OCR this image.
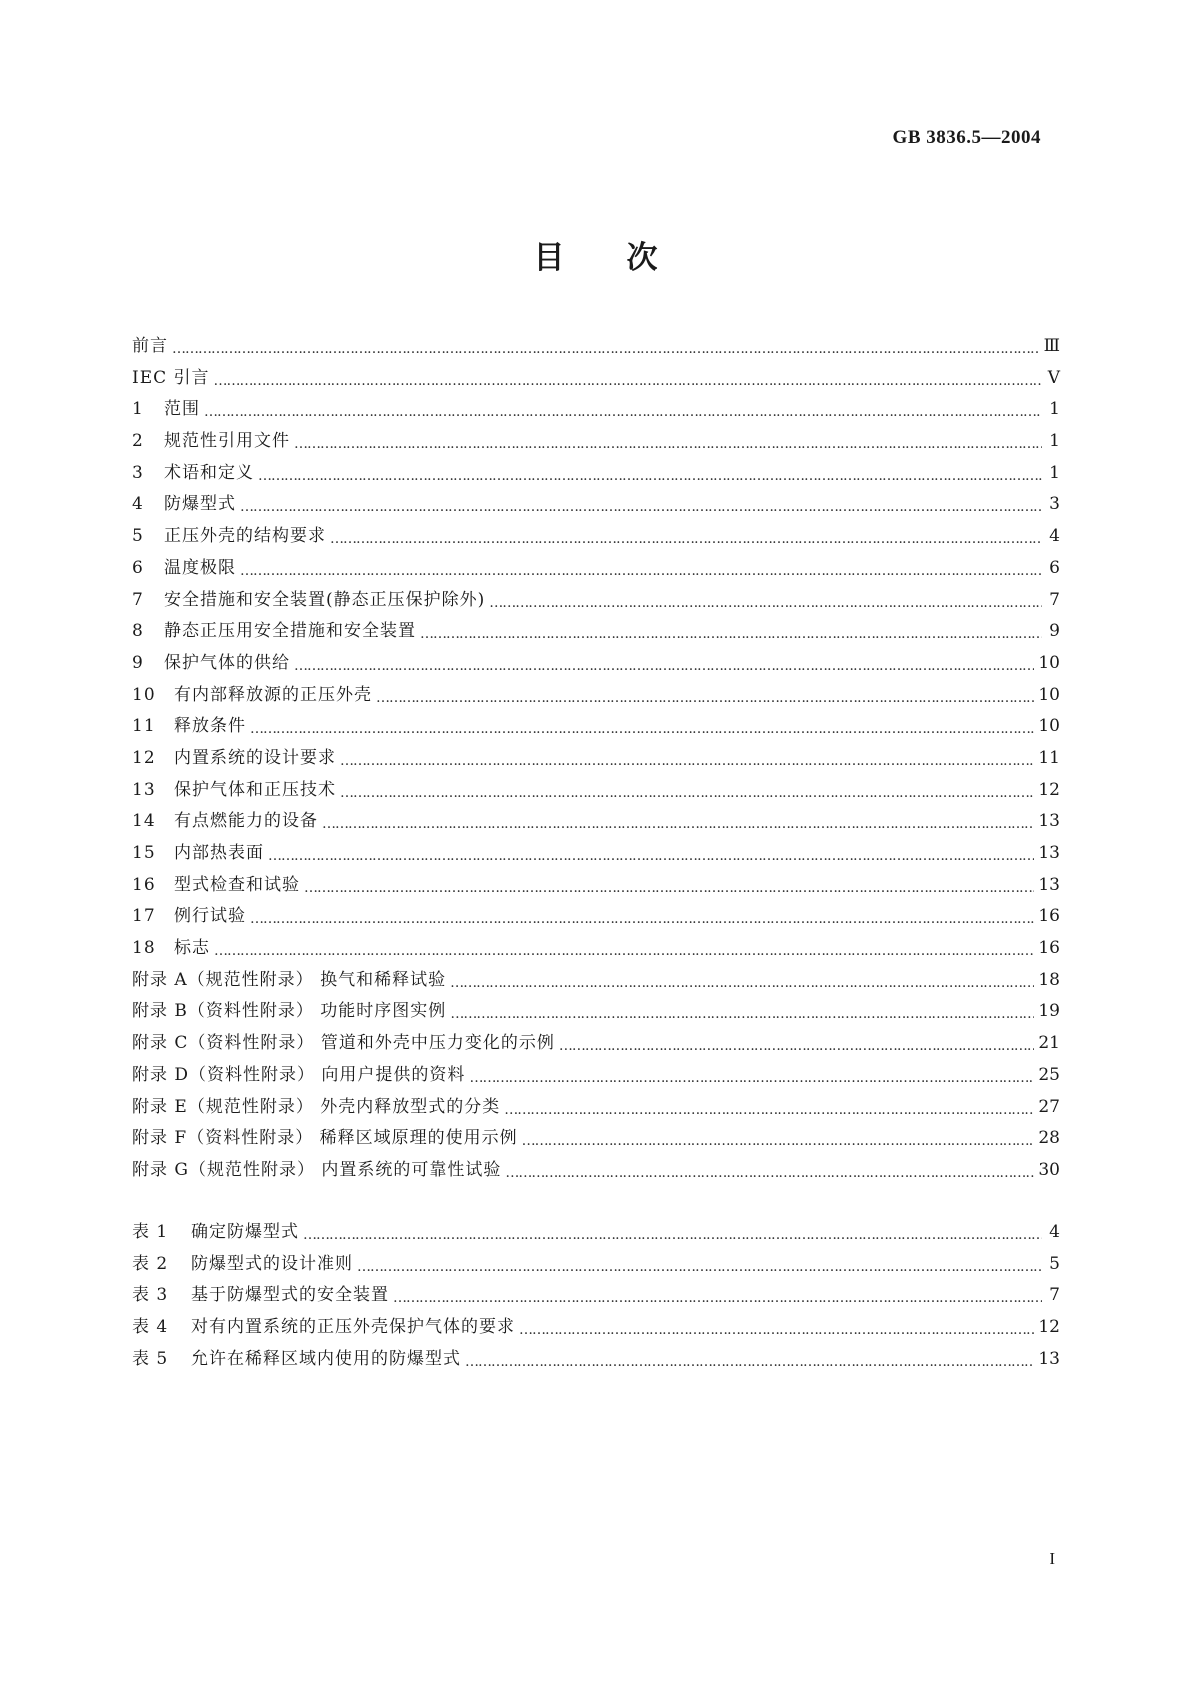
GB 3836.5—2004
目次
前言 …………………………………………………………………………………………………………………………………………………………………………………………………………………………	Ⅲ
IEC 引言 …………………………………………………………………………………………………………………………………………………………………………………………………………………………	Ⅴ
1 范围 …………………………………………………………………………………………………………………………………………………………………………………………………………………………	1
2 规范性引用文件 …………………………………………………………………………………………………………………………………………………………………………………………………………………………	1
3 术语和定义 …………………………………………………………………………………………………………………………………………………………………………………………………………………………	1
4 防爆型式 …………………………………………………………………………………………………………………………………………………………………………………………………………………………	3
5 正压外壳的结构要求 …………………………………………………………………………………………………………………………………………………………………………………………………………………………	4
6 温度极限 …………………………………………………………………………………………………………………………………………………………………………………………………………………………	6
7 安全措施和安全装置(静态正压保护除外) …………………………………………………………………………………………………………………………………………………………………………………………………………………………	7
8 静态正压用安全措施和安全装置 …………………………………………………………………………………………………………………………………………………………………………………………………………………………	9
9 保护气体的供给 …………………………………………………………………………………………………………………………………………………………………………………………………………………………	10
10 有内部释放源的正压外壳 …………………………………………………………………………………………………………………………………………………………………………………………………………………………	10
11 释放条件 …………………………………………………………………………………………………………………………………………………………………………………………………………………………	10
12 内置系统的设计要求 …………………………………………………………………………………………………………………………………………………………………………………………………………………………	11
13 保护气体和正压技术 …………………………………………………………………………………………………………………………………………………………………………………………………………………………	12
14 有点燃能力的设备 …………………………………………………………………………………………………………………………………………………………………………………………………………………………	13
15 内部热表面 …………………………………………………………………………………………………………………………………………………………………………………………………………………………	13
16 型式检查和试验 …………………………………………………………………………………………………………………………………………………………………………………………………………………………	13
17 例行试验 …………………………………………………………………………………………………………………………………………………………………………………………………………………………	16
18 标志 …………………………………………………………………………………………………………………………………………………………………………………………………………………………	16
附录 A（规范性附录） 换气和稀释试验 …………………………………………………………………………………………………………………………………………………………………………………………………………………………	18
附录 B（资料性附录） 功能时序图实例 …………………………………………………………………………………………………………………………………………………………………………………………………………………………	19
附录 C（资料性附录） 管道和外壳中压力变化的示例 …………………………………………………………………………………………………………………………………………………………………………………………………………………………	21
附录 D（资料性附录） 向用户提供的资料 …………………………………………………………………………………………………………………………………………………………………………………………………………………………	25
附录 E（规范性附录） 外壳内释放型式的分类 …………………………………………………………………………………………………………………………………………………………………………………………………………………………	27
附录 F（资料性附录） 稀释区域原理的使用示例 …………………………………………………………………………………………………………………………………………………………………………………………………………………………	28
附录 G（规范性附录） 内置系统的可靠性试验 …………………………………………………………………………………………………………………………………………………………………………………………………………………………	30
表 1 确定防爆型式 …………………………………………………………………………………………………………………………………………………………………………………………………………………………	4
表 2 防爆型式的设计准则 …………………………………………………………………………………………………………………………………………………………………………………………………………………………	5
表 3 基于防爆型式的安全装置 …………………………………………………………………………………………………………………………………………………………………………………………………………………………	7
表 4 对有内置系统的正压外壳保护气体的要求 …………………………………………………………………………………………………………………………………………………………………………………………………………………………	12
表 5 允许在稀释区域内使用的防爆型式 …………………………………………………………………………………………………………………………………………………………………………………………………………………………	13
I
